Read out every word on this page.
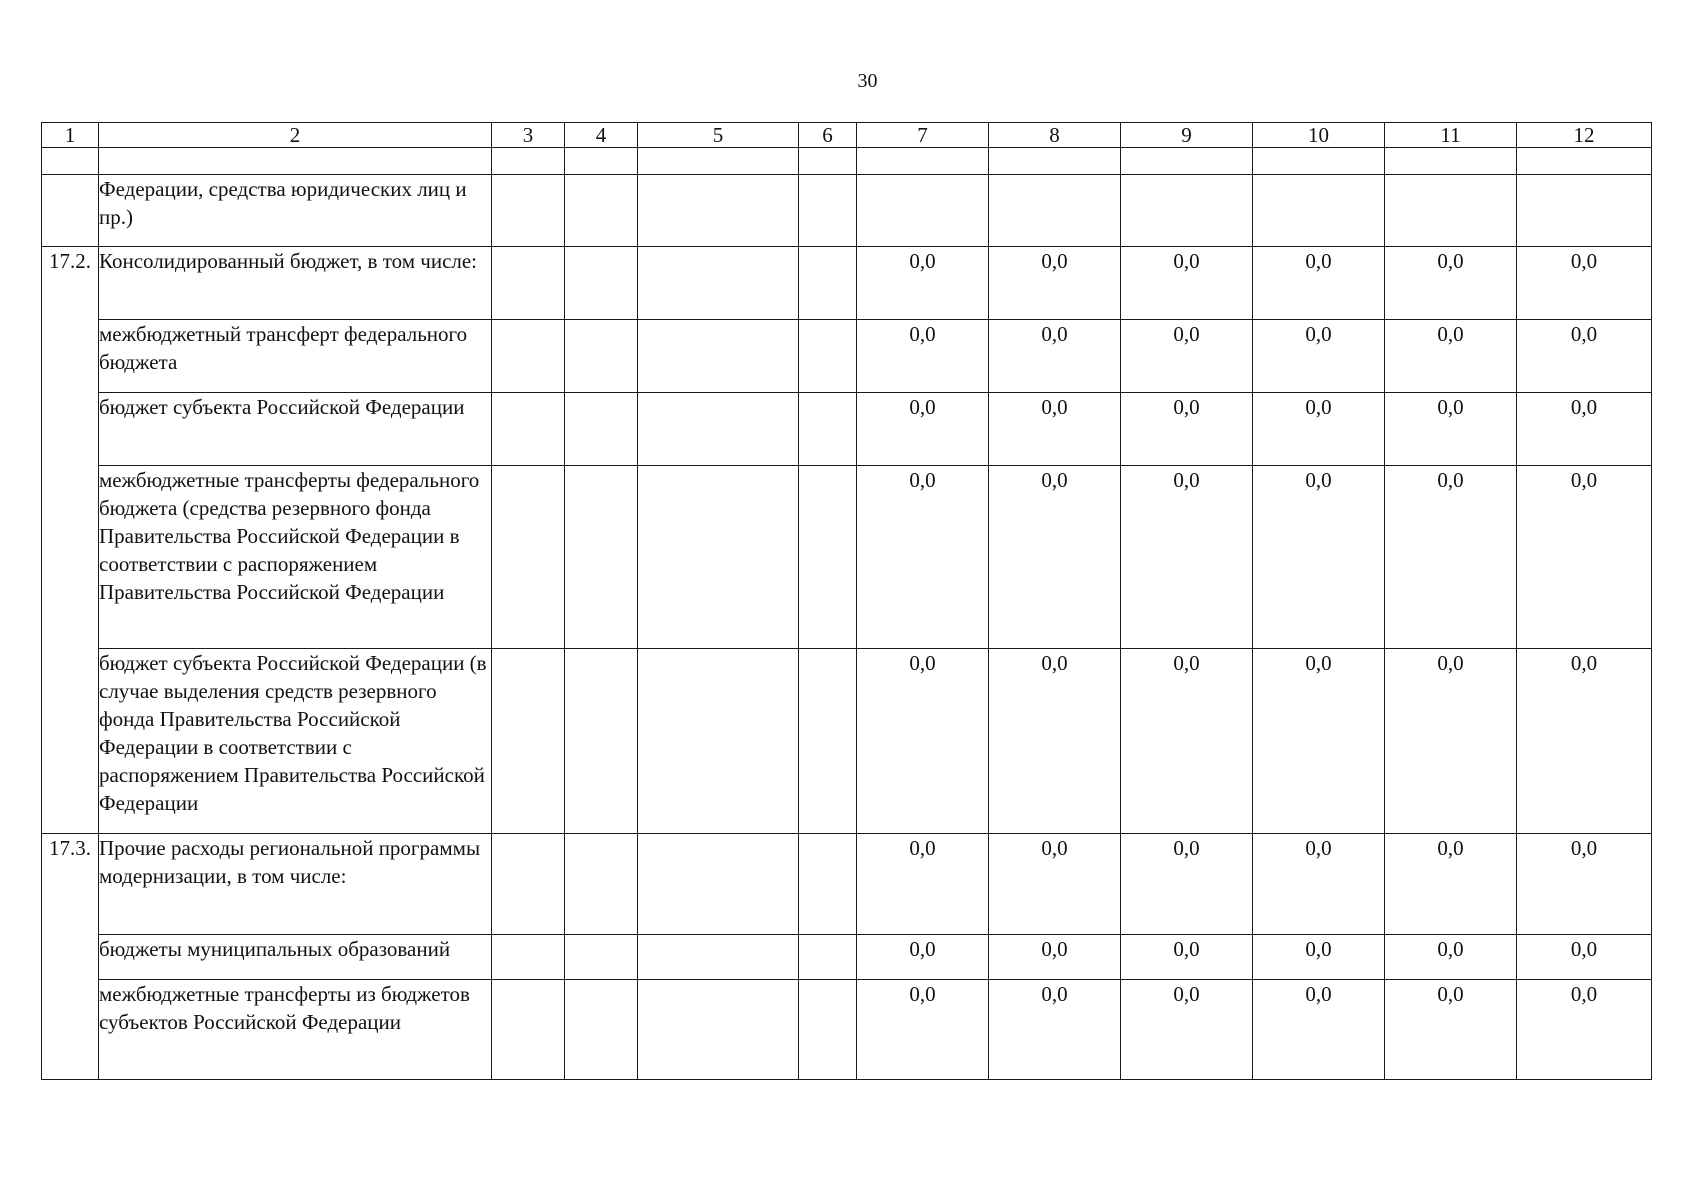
30
1	2	3	4	5	6	7	8	9	10	11	12

	Федерации, средства юридических лиц и пр.)										
17.2.	Консолидированный бюджет, в том числе:					0,0	0,0	0,0	0,0	0,0	0,0
	межбюджетный трансферт федерального бюджета					0,0	0,0	0,0	0,0	0,0	0,0
	бюджет субъекта Российской Федерации					0,0	0,0	0,0	0,0	0,0	0,0
	межбюджетные трансферты федерального бюджета (средства резервного фонда Правительства Российской Федерации в соответствии с распоряжением Правительства Российской Федерации					0,0	0,0	0,0	0,0	0,0	0,0
	бюджет субъекта Российской Федерации (в случае выделения средств резервного фонда Правительства Российской Федерации в соответствии с распоряжением Правительства Российской Федерации					0,0	0,0	0,0	0,0	0,0	0,0
17.3.	Прочие расходы региональной программы модернизации, в том числе:					0,0	0,0	0,0	0,0	0,0	0,0
	бюджеты муниципальных образований					0,0	0,0	0,0	0,0	0,0	0,0
	межбюджетные трансферты из бюджетов субъектов Российской Федерации					0,0	0,0	0,0	0,0	0,0	0,0
